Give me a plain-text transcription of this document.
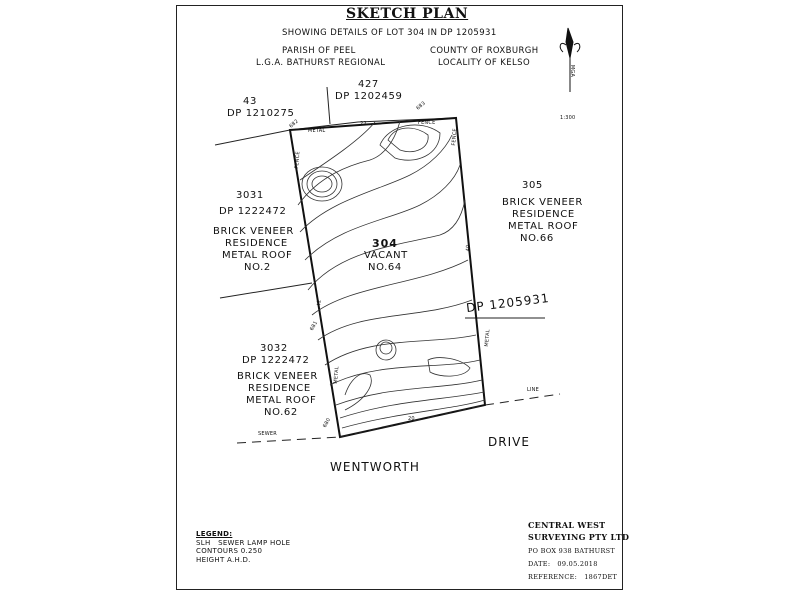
SKETCH PLAN
SHOWING DETAILS OF LOT 304 IN DP 1205931
PARISH OF PEEL
L.G.A. BATHURST REGIONAL
COUNTY OF ROXBURGH
LOCALITY OF KELSO
MGA
1:300
43
DP 1210275
427
DP 1202459
3031
DP 1222472
BRICK VENEER
RESIDENCE
METAL ROOF
NO.2
305
BRICK VENEER
RESIDENCE
METAL ROOF
NO.66
304
VACANT
NO.64
DP 1205931
3032
DP 1222472
BRICK VENEER
RESIDENCE
METAL ROOF
NO.62
WENTWORTH
DRIVE
METAL
FENCE
FENCE
FENCE
METAL
METAL
SEWER
LINE
682
683
681
680
22
40
42
20
LEGEND:
SLH   SEWER LAMP HOLE
CONTOURS 0.250
HEIGHT A.H.D.
CENTRAL WEST
SURVEYING PTY LTD
PO BOX 938 BATHURST
DATE:   09.05.2018
REFERENCE:   1867DET
